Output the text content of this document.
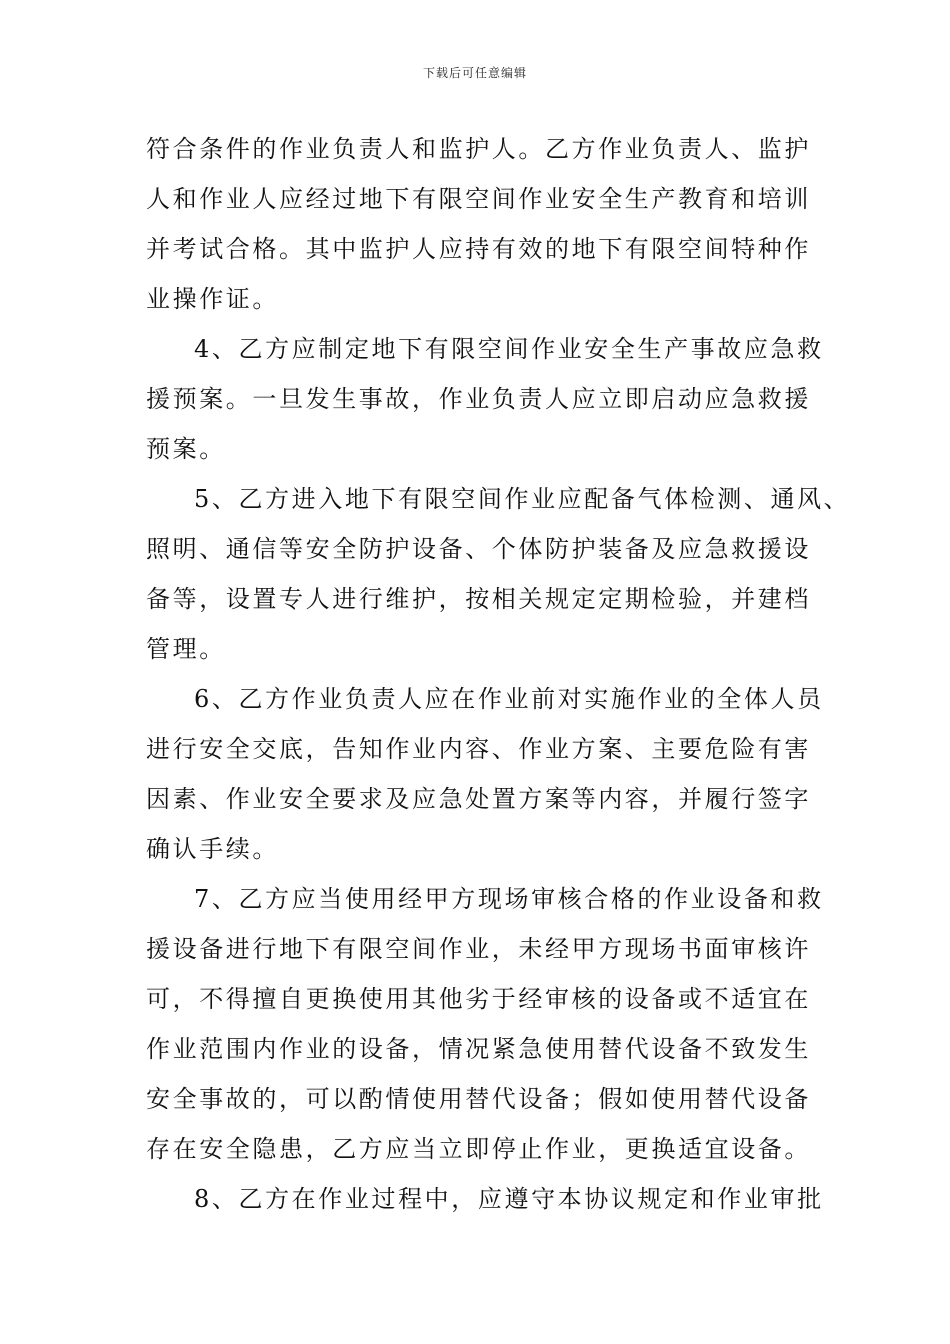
下载后可任意编辑
符合条件的作业负责人和监护人。乙方作业负责人、监护
人和作业人应经过地下有限空间作业安全生产教育和培训
并考试合格。其中监护人应持有效的地下有限空间特种作
业操作证。
4、乙方应制定地下有限空间作业安全生产事故应急救
援预案。一旦发生事故，作业负责人应立即启动应急救援
预案。
5、乙方进入地下有限空间作业应配备气体检测、通风、
照明、通信等安全防护设备、个体防护装备及应急救援设
备等，设置专人进行维护，按相关规定定期检验，并建档
管理。
6、乙方作业负责人应在作业前对实施作业的全体人员
进行安全交底，告知作业内容、作业方案、主要危险有害
因素、作业安全要求及应急处置方案等内容，并履行签字
确认手续。
7、乙方应当使用经甲方现场审核合格的作业设备和救
援设备进行地下有限空间作业，未经甲方现场书面审核许
可，不得擅自更换使用其他劣于经审核的设备或不适宜在
作业范围内作业的设备，情况紧急使用替代设备不致发生
安全事故的，可以酌情使用替代设备；假如使用替代设备
存在安全隐患，乙方应当立即停止作业，更换适宜设备。
8、乙方在作业过程中，应遵守本协议规定和作业审批
